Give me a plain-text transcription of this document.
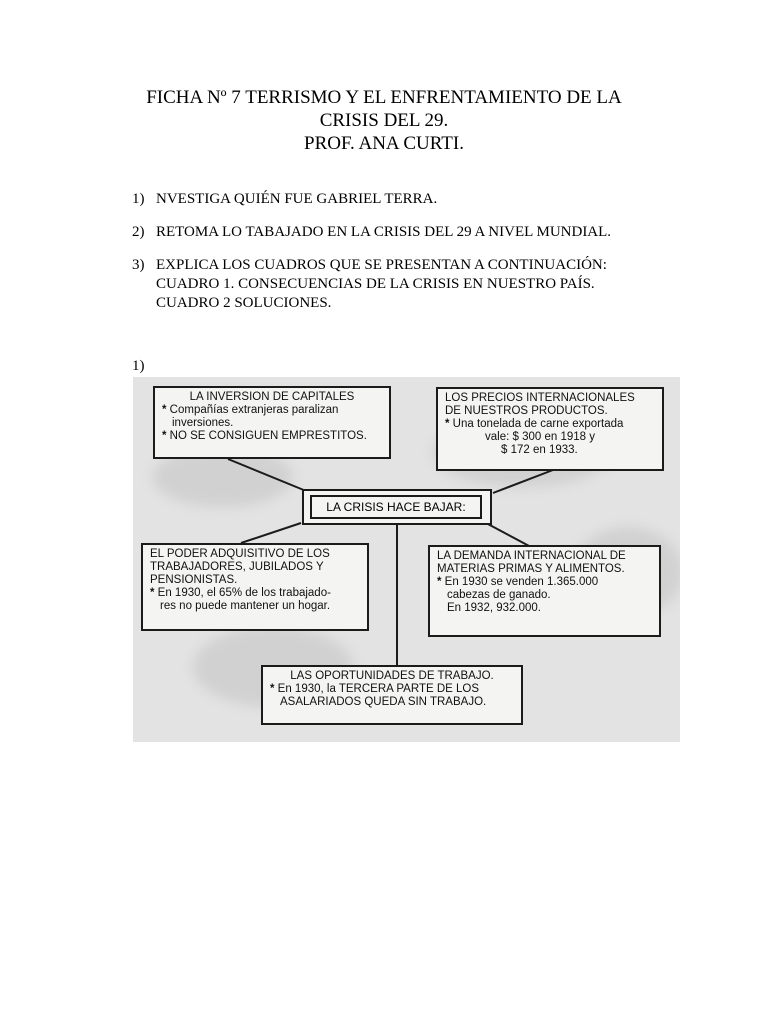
FICHA Nº 7 TERRISMO Y EL ENFRENTAMIENTO DE LA
CRISIS DEL 29.
PROF. ANA CURTI.
1) NVESTIGA QUIÉN FUE GABRIEL TERRA.
2) RETOMA LO TABAJADO EN LA CRISIS DEL 29 A NIVEL MUNDIAL.
3) EXPLICA LOS CUADROS QUE SE PRESENTAN A CONTINUACIÓN:
CUADRO 1. CONSECUENCIAS DE LA CRISIS EN NUESTRO PAÍS.
CUADRO 2 SOLUCIONES.
1)
LA INVERSION DE CAPITALES
* Compañías extranjeras paralizan
inversiones.
* NO SE CONSIGUEN EMPRESTITOS.
LOS PRECIOS INTERNACIONALES
DE NUESTROS PRODUCTOS.
* Una tonelada de carne exportada
vale: $ 300 en 1918 y
$ 172 en 1933.
LA CRISIS HACE BAJAR:
EL PODER ADQUISITIVO DE LOS
TRABAJADORES, JUBILADOS Y
PENSIONISTAS.
* En 1930, el 65% de los trabajado-
res no puede mantener un hogar.
LA DEMANDA INTERNACIONAL DE
MATERIAS PRIMAS Y ALIMENTOS.
* En 1930 se venden 1.365.000
cabezas de ganado.
En 1932, 932.000.
LAS OPORTUNIDADES DE TRABAJO.
* En 1930, la TERCERA PARTE DE LOS
ASALARIADOS QUEDA SIN TRABAJO.
